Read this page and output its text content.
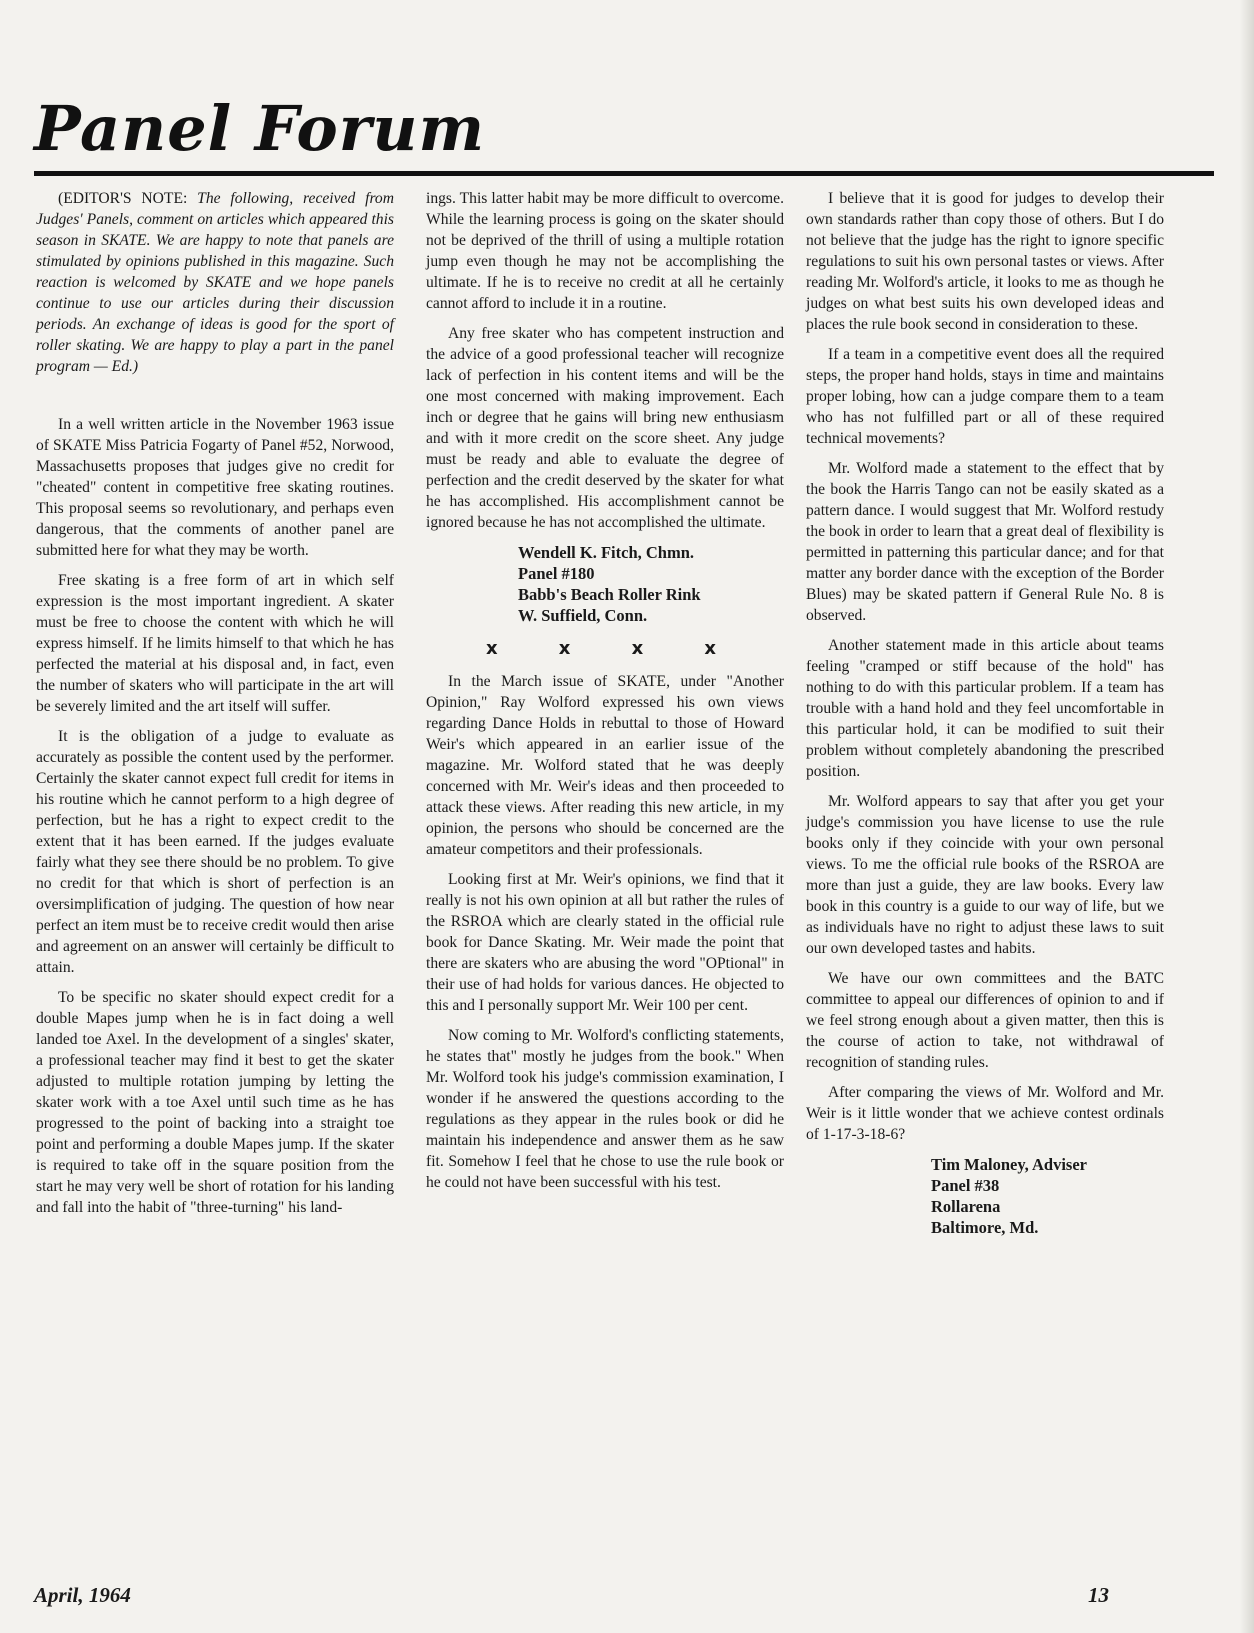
Panel Forum

(EDITOR'S NOTE: The following, received from Judges' Panels, comment on articles which appeared this season in SKATE. We are happy to note that panels are stimulated by opinions published in this magazine. Such reaction is welcomed by SKATE and we hope panels continue to use our articles during their discussion periods. An exchange of ideas is good for the sport of roller skating. We are happy to play a part in the panel program — Ed.)

In a well written article in the November 1963 issue of SKATE Miss Patricia Fogarty of Panel #52, Norwood, Massachusetts proposes that judges give no credit for "cheated" content in competitive free skating routines. This proposal seems so revolutionary, and perhaps even dangerous, that the comments of another panel are submitted here for what they may be worth.

Free skating is a free form of art in which self expression is the most important ingredient. A skater must be free to choose the content with which he will express himself. If he limits himself to that which he has perfected the material at his disposal and, in fact, even the number of skaters who will participate in the art will be severely limited and the art itself will suffer.

It is the obligation of a judge to evaluate as accurately as possible the content used by the performer. Certainly the skater cannot expect full credit for items in his routine which he cannot perform to a high degree of perfection, but he has a right to expect credit to the extent that it has been earned. If the judges evaluate fairly what they see there should be no problem. To give no credit for that which is short of perfection is an oversimplification of judging. The question of how near perfect an item must be to receive credit would then arise and agreement on an answer will certainly be difficult to attain.

To be specific no skater should expect credit for a double Mapes jump when he is in fact doing a well landed toe Axel. In the development of a singles' skater, a professional teacher may find it best to get the skater adjusted to multiple rotation jumping by letting the skater work with a toe Axel until such time as he has progressed to the point of backing into a straight toe point and performing a double Mapes jump. If the skater is required to take off in the square position from the start he may very well be short of rotation for his landing and fall into the habit of "three-turning" his land-

ings. This latter habit may be more difficult to overcome. While the learning process is going on the skater should not be deprived of the thrill of using a multiple rotation jump even though he may not be accomplishing the ultimate. If he is to receive no credit at all he certainly cannot afford to include it in a routine.

Any free skater who has competent instruction and the advice of a good professional teacher will recognize lack of perfection in his content items and will be the one most concerned with making improvement. Each inch or degree that he gains will bring new enthusiasm and with it more credit on the score sheet. Any judge must be ready and able to evaluate the degree of perfection and the credit deserved by the skater for what he has accomplished. His accomplishment cannot be ignored because he has not accomplished the ultimate.

Wendell K. Fitch, Chmn.
Panel #180
Babb's Beach Roller Rink
W. Suffield, Conn.
x	x	x	x

In the March issue of SKATE, under "Another Opinion," Ray Wolford expressed his own views regarding Dance Holds in rebuttal to those of Howard Weir's which appeared in an earlier issue of the magazine. Mr. Wolford stated that he was deeply concerned with Mr. Weir's ideas and then proceeded to attack these views. After reading this new article, in my opinion, the persons who should be concerned are the amateur competitors and their professionals.

Looking first at Mr. Weir's opinions, we find that it really is not his own opinion at all but rather the rules of the RSROA which are clearly stated in the official rule book for Dance Skating. Mr. Weir made the point that there are skaters who are abusing the word "OPtional" in their use of had holds for various dances. He objected to this and I personally support Mr. Weir 100 per cent.

Now coming to Mr. Wolford's conflicting statements, he states that" mostly he judges from the book." When Mr. Wolford took his judge's commission examination, I wonder if he answered the questions according to the regulations as they appear in the rules book or did he maintain his independence and answer them as he saw fit. Somehow I feel that he chose to use the rule book or he could not have been successful with his test.

I believe that it is good for judges to develop their own standards rather than copy those of others. But I do not believe that the judge has the right to ignore specific regulations to suit his own personal tastes or views. After reading Mr. Wolford's article, it looks to me as though he judges on what best suits his own developed ideas and places the rule book second in consideration to these.

If a team in a competitive event does all the required steps, the proper hand holds, stays in time and maintains proper lobing, how can a judge compare them to a team who has not fulfilled part or all of these required technical movements?

Mr. Wolford made a statement to the effect that by the book the Harris Tango can not be easily skated as a pattern dance. I would suggest that Mr. Wolford restudy the book in order to learn that a great deal of flexibility is permitted in patterning this particular dance; and for that matter any border dance with the exception of the Border Blues) may be skated pattern if General Rule No. 8 is observed.

Another statement made in this article about teams feeling "cramped or stiff because of the hold" has nothing to do with this particular problem. If a team has trouble with a hand hold and they feel uncomfortable in this particular hold, it can be modified to suit their problem without completely abandoning the prescribed position.

Mr. Wolford appears to say that after you get your judge's commission you have license to use the rule books only if they coincide with your own personal views. To me the official rule books of the RSROA are more than just a guide, they are law books. Every law book in this country is a guide to our way of life, but we as individuals have no right to adjust these laws to suit our own developed tastes and habits.

We have our own committees and the BATC committee to appeal our differences of opinion to and if we feel strong enough about a given matter, then this is the course of action to take, not withdrawal of recognition of standing rules.

After comparing the views of Mr. Wolford and Mr. Weir is it little wonder that we achieve contest ordinals of 1-17-3-18-6?

Tim Maloney, Adviser
Panel #38
Rollarena
Baltimore, Md.
April, 1964	13
